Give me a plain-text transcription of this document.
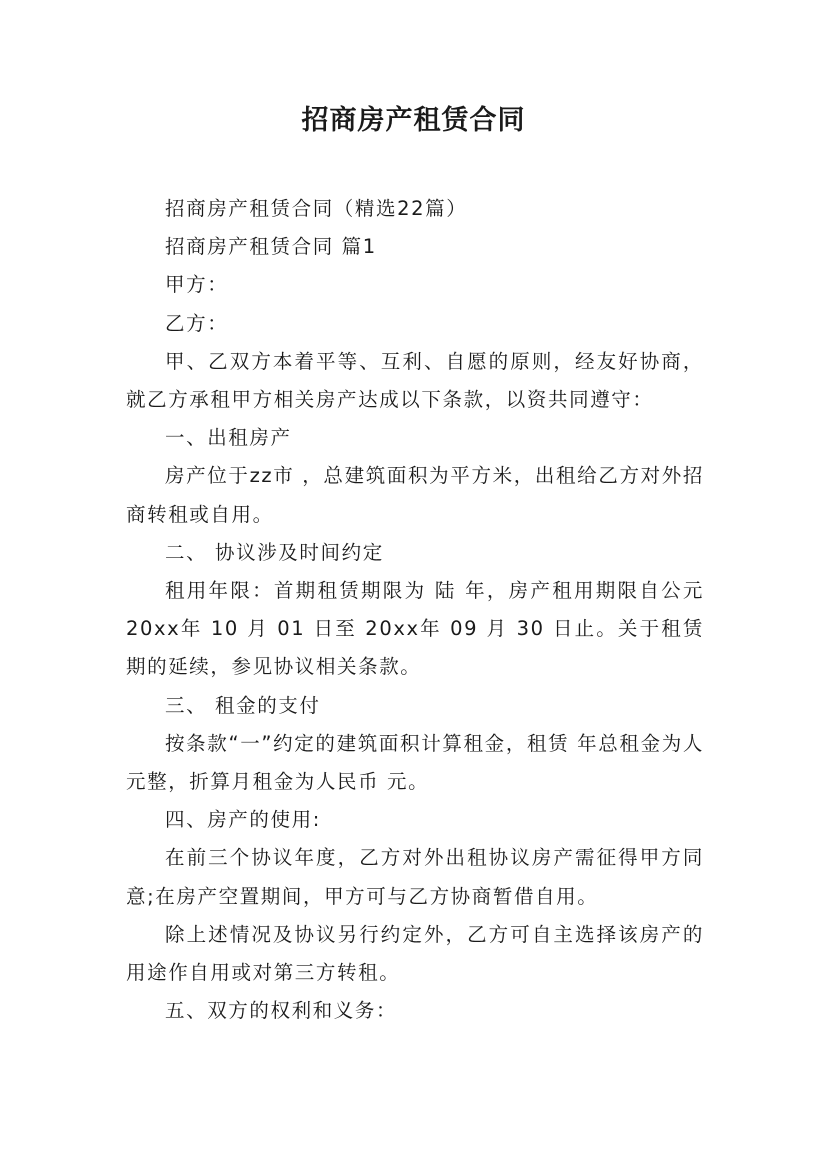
招商房产租赁合同

招商房产租赁合同（精选22篇）

招商房产租赁合同 篇1

甲方：

乙方：

甲、乙双方本着平等、互利、自愿的原则，经友好协商，就乙方承租甲方相关房产达成以下条款，以资共同遵守：

一、出租房产

房产位于zz市 ，总建筑面积为平方米，出租给乙方对外招商转租或自用。

二、 协议涉及时间约定

租用年限：首期租赁期限为 陆 年，房产租用期限自公元 20xx年 10 月 01 日至 20xx年 09 月 30 日止。关于租赁期的延续，参见协议相关条款。

三、 租金的支付

按条款“一”约定的建筑面积计算租金，租赁 年总租金为人 元整，折算月租金为人民币 元。

四、房产的使用:

在前三个协议年度，乙方对外出租协议房产需征得甲方同意;在房产空置期间，甲方可与乙方协商暂借自用。

除上述情况及协议另行约定外，乙方可自主选择该房产的用途作自用或对第三方转租。

五、双方的权利和义务：
